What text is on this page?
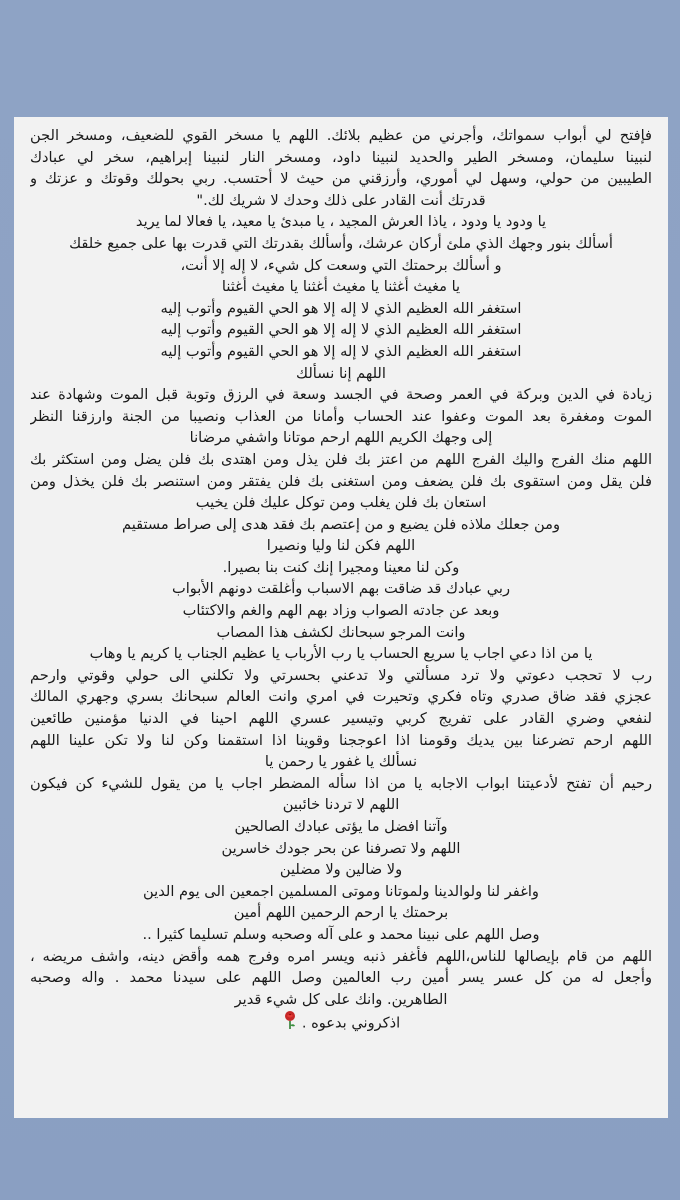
فإفتح لي أبواب سمواتك، وأجرني من عظيم بلائك. اللهم يا مسخر القوي للضعيف، ومسخر الجن
لنبينا سليمان، ومسخر الطير والحديد لنبينا داود، ومسخر النار لنبينا إبراهيم، سخر لي عبادك
الطيبين من حولي، وسهل لي أموري، وأرزقني من حيث لا أحتسب. ربي بحولك وقوتك و عزتك و
قدرتك أنت القادر على ذلك وحدك لا شريك لك."
يا ودود يا ودود ، ياذا العرش المجيد ، يا مبدئ يا معيد، يا فعالا لما يريد
أسألك بنور وجهك الذي ملئ أركان عرشك، وأسألك بقدرتك التي قدرت بها على جميع خلقك
و أسألك برحمتك التي وسعت كل شيء، لا إله إلا أنت،
يا مغيث أغثنا يا مغيث أغثنا يا مغيث أغثنا
استغفر الله العظيم الذي لا إله إلا هو الحي القيوم وأتوب إليه
استغفر الله العظيم الذي لا إله إلا هو الحي القيوم وأتوب إليه
استغفر الله العظيم الذي لا إله إلا هو الحي القيوم وأتوب إليه
اللهم إنا نسألك
زيادة في الدين وبركة في العمر وصحة في الجسد وسعة في الرزق وتوبة قبل الموت وشهادة عند
الموت ومغفرة بعد الموت وعفوا عند الحساب وأمانا من العذاب ونصيبا من الجنة وارزقنا النظر
إلى وجهك الكريم اللهم ارحم موتانا واشفي مرضانا
اللهم منك الفرج واليك الفرج اللهم من اعتز بك فلن يذل ومن اهتدى بك فلن يضل ومن استكثر بك
فلن يقل ومن استقوى بك فلن يضعف ومن استغنى بك فلن يفتقر ومن استنصر بك فلن يخذل ومن
استعان بك فلن يغلب ومن توكل عليك فلن يخيب
ومن جعلك ملاذه فلن يضيع و من إعتصم بك فقد هدى إلى صراط مستقيم
اللهم فكن لنا وليا ونصيرا
وكن لنا معينا ومجيرا إنك كنت بنا بصيرا.
ربي عبادك قد ضاقت بهم الاسباب وأغلقت دونهم الأبواب
وبعد عن جادته الصواب وزاد بهم الهم والغم والاكتئاب
وانت المرجو سبحانك لكشف هذا المصاب
يا من اذا دعي اجاب يا سريع الحساب يا رب الأرباب يا عظيم الجناب يا كريم يا وهاب
رب لا تحجب دعوتي ولا ترد مسألتي ولا تدعني بحسرتي ولا تكلني الى حولي وقوتي وارحم
عجزي فقد ضاق صدري وتاه فكري وتحيرت في امري وانت العالم سبحانك بسري وجهري المالك
لنفعي وضري القادر على تفريج كربي وتيسير عسري اللهم احينا في الدنيا مؤمنين طائعين
اللهم ارحم تضرعنا بين يديك وقومنا اذا اعوججنا وقوينا اذا استقمنا وكن لنا ولا تكن علينا اللهم
نسألك يا غفور يا رحمن يا
رحيم أن تفتح لأدعيتنا ابواب الاجابه يا من اذا سأله المضطر اجاب يا من يقول للشيء كن فيكون
اللهم لا تردنا خائبين
وآتنا افضل ما يؤتى عبادك الصالحين
اللهم ولا تصرفنا عن بحر جودك خاسرين
ولا ضالين ولا مضلين
واغفر لنا ولوالدينا ولموتانا وموتى المسلمين اجمعين الى يوم الدين
برحمتك يا ارحم الرحمين اللهم أمين
وصل اللهم على نبينا محمد و على آله وصحبه وسلم تسليما كثيرا ..
اللهم من قام بإيصالها للناس،اللهم فأغفر ذنبه ويسر امره وفرج همه وأقض دينه، واشف مريضه ،
وأجعل له من كل عسر يسر أمين رب العالمين وصل اللهم على سيدنا محمد . واله وصحبه
الطاهرين. وانك على كل شيء قدير
اذكروني بدعوه .
